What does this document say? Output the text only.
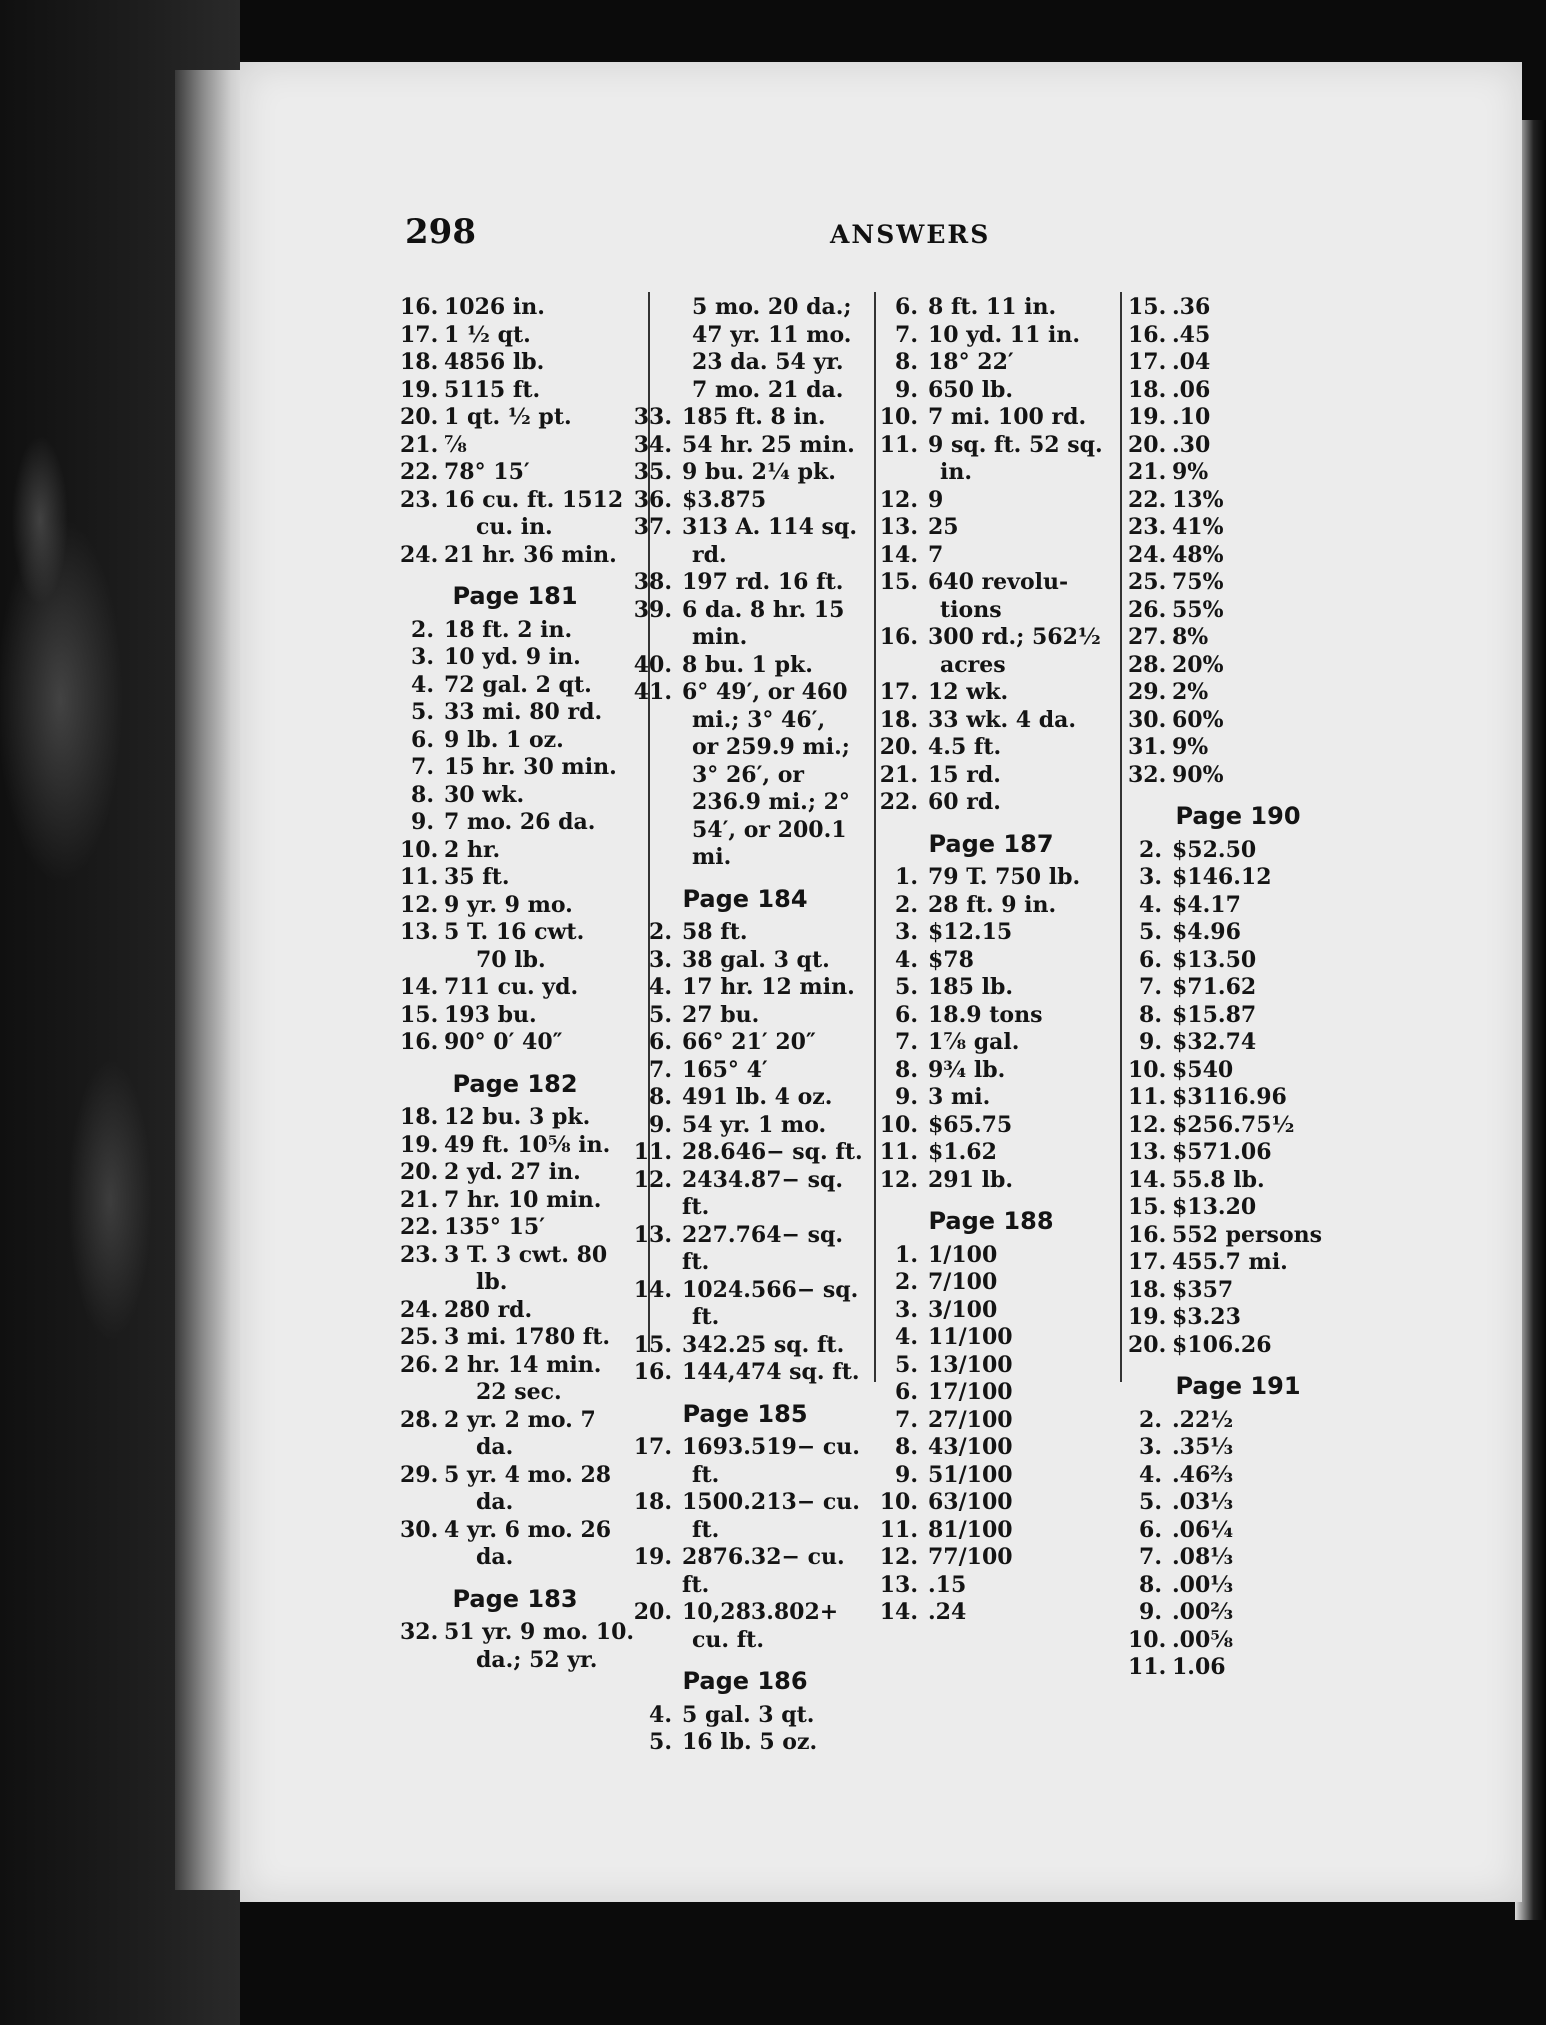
298	ANSWERS
16. 1026 in.
17. 1 ½ qt.
18. 4856 lb.
19. 5115 ft.
20. 1 qt. ½ pt.
21. ⅞
22. 78° 15′
23. 16 cu. ft. 1512
cu. in.
24. 21 hr. 36 min.
Page 181
2. 18 ft. 2 in.
3. 10 yd. 9 in.
4. 72 gal. 2 qt.
5. 33 mi. 80 rd.
6. 9 lb. 1 oz.
7. 15 hr. 30 min.
8. 30 wk.
9. 7 mo. 26 da.
10. 2 hr.
11. 35 ft.
12. 9 yr. 9 mo.
13. 5 T. 16 cwt.
70 lb.
14. 711 cu. yd.
15. 193 bu.
16. 90° 0′ 40″
Page 182
18. 12 bu. 3 pk.
19. 49 ft. 10⅝ in.
20. 2 yd. 27 in.
21. 7 hr. 10 min.
22. 135° 15′
23. 3 T. 3 cwt. 80
lb.
24. 280 rd.
25. 3 mi. 1780 ft.
26. 2 hr. 14 min.
22 sec.
28. 2 yr. 2 mo. 7
da.
29. 5 yr. 4 mo. 28
da.
30. 4 yr. 6 mo. 26
da.
Page 183
32. 51 yr. 9 mo. 10.
da.; 52 yr.
5 mo. 20 da.;
47 yr. 11 mo.
23 da. 54 yr.
7 mo. 21 da.
33. 185 ft. 8 in.
34. 54 hr. 25 min.
35. 9 bu. 2¼ pk.
36. $3.875
37. 313 A. 114 sq.
rd.
38. 197 rd. 16 ft.
39. 6 da. 8 hr. 15
min.
40. 8 bu. 1 pk.
41. 6° 49′, or 460
mi.; 3° 46′,
or 259.9 mi.;
3° 26′, or
236.9 mi.; 2°
54′, or 200.1
mi.
Page 184
2. 58 ft.
3. 38 gal. 3 qt.
4. 17 hr. 12 min.
5. 27 bu.
6. 66° 21′ 20″
7. 165° 4′
8. 491 lb. 4 oz.
9. 54 yr. 1 mo.
11. 28.646− sq. ft.
12. 2434.87− sq. ft.
13. 227.764− sq. ft.
14. 1024.566− sq.
ft.
15. 342.25 sq. ft.
16. 144,474 sq. ft.
Page 185
17. 1693.519− cu.
ft.
18. 1500.213− cu.
ft.
19. 2876.32− cu. ft.
20. 10,283.802+
cu. ft.
Page 186
4. 5 gal. 3 qt.
5. 16 lb. 5 oz.
6. 8 ft. 11 in.
7. 10 yd. 11 in.
8. 18° 22′
9. 650 lb.
10. 7 mi. 100 rd.
11. 9 sq. ft. 52 sq.
in.
12. 9
13. 25
14. 7
15. 640 revolu-
tions
16. 300 rd.; 562½
acres
17. 12 wk.
18. 33 wk. 4 da.
20. 4.5 ft.
21. 15 rd.
22. 60 rd.
Page 187
1. 79 T. 750 lb.
2. 28 ft. 9 in.
3. $12.15
4. $78
5. 185 lb.
6. 18.9 tons
7. 1⅞ gal.
8. 9¾ lb.
9. 3 mi.
10. $65.75
11. $1.62
12. 291 lb.
Page 188
1. 1/100
2. 7/100
3. 3/100
4. 11/100
5. 13/100
6. 17/100
7. 27/100
8. 43/100
9. 51/100
10. 63/100
11. 81/100
12. 77/100
13. .15
14. .24
15. .36
16. .45
17. .04
18. .06
19. .10
20. .30
21. 9%
22. 13%
23. 41%
24. 48%
25. 75%
26. 55%
27. 8%
28. 20%
29. 2%
30. 60%
31. 9%
32. 90%
Page 190
2. $52.50
3. $146.12
4. $4.17
5. $4.96
6. $13.50
7. $71.62
8. $15.87
9. $32.74
10. $540
11. $3116.96
12. $256.75½
13. $571.06
14. 55.8 lb.
15. $13.20
16. 552 persons
17. 455.7 mi.
18. $357
19. $3.23
20. $106.26
Page 191
2. .22½
3. .35⅓
4. .46⅔
5. .03⅓
6. .06¼
7. .08⅓
8. .00⅓
9. .00⅔
10. .00⅝
11. 1.06
